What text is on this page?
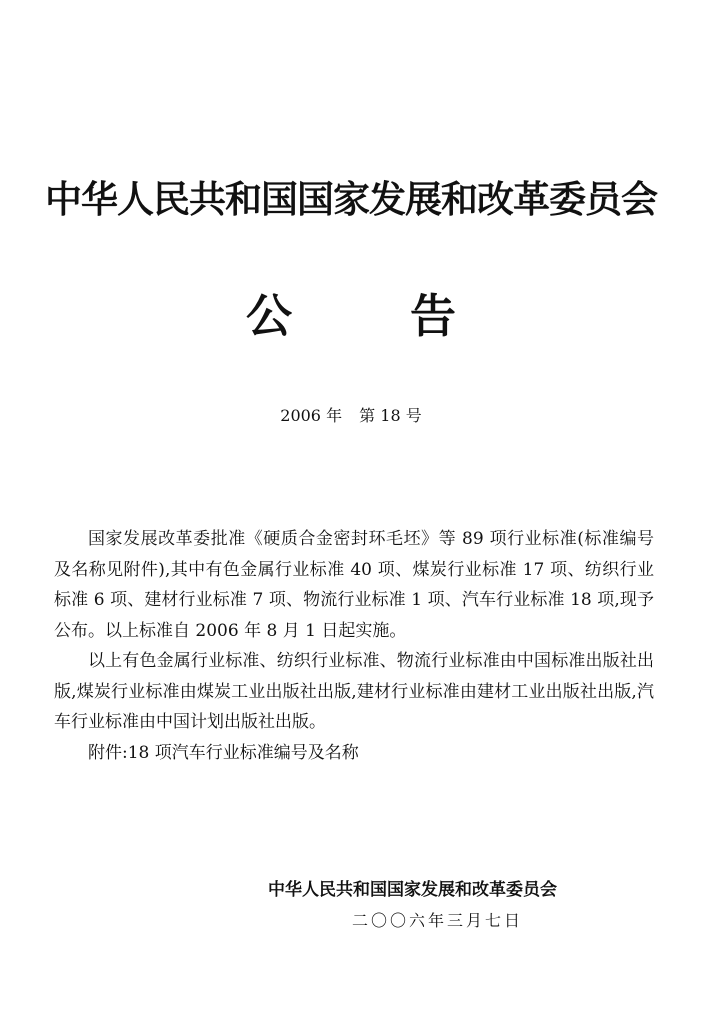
中华人民共和国国家发展和改革委员会
公告
2006 年 第 18 号

国家发展改革委批准《硬质合金密封环毛坯》等 89 项行业标准(标准编号及名称见附件),其中有色金属行业标准 40 项、煤炭行业标准 17 项、纺织行业标准 6 项、建材行业标准 7 项、物流行业标准 1 项、汽车行业标准 18 项,现予公布。以上标准自 2006 年 8 月 1 日起实施。

以上有色金属行业标准、纺织行业标准、物流行业标准由中国标准出版社出版,煤炭行业标准由煤炭工业出版社出版,建材行业标准由建材工业出版社出版,汽车行业标准由中国计划出版社出版。

附件:18 项汽车行业标准编号及名称

中华人民共和国国家发展和改革委员会
二〇〇六年三月七日
